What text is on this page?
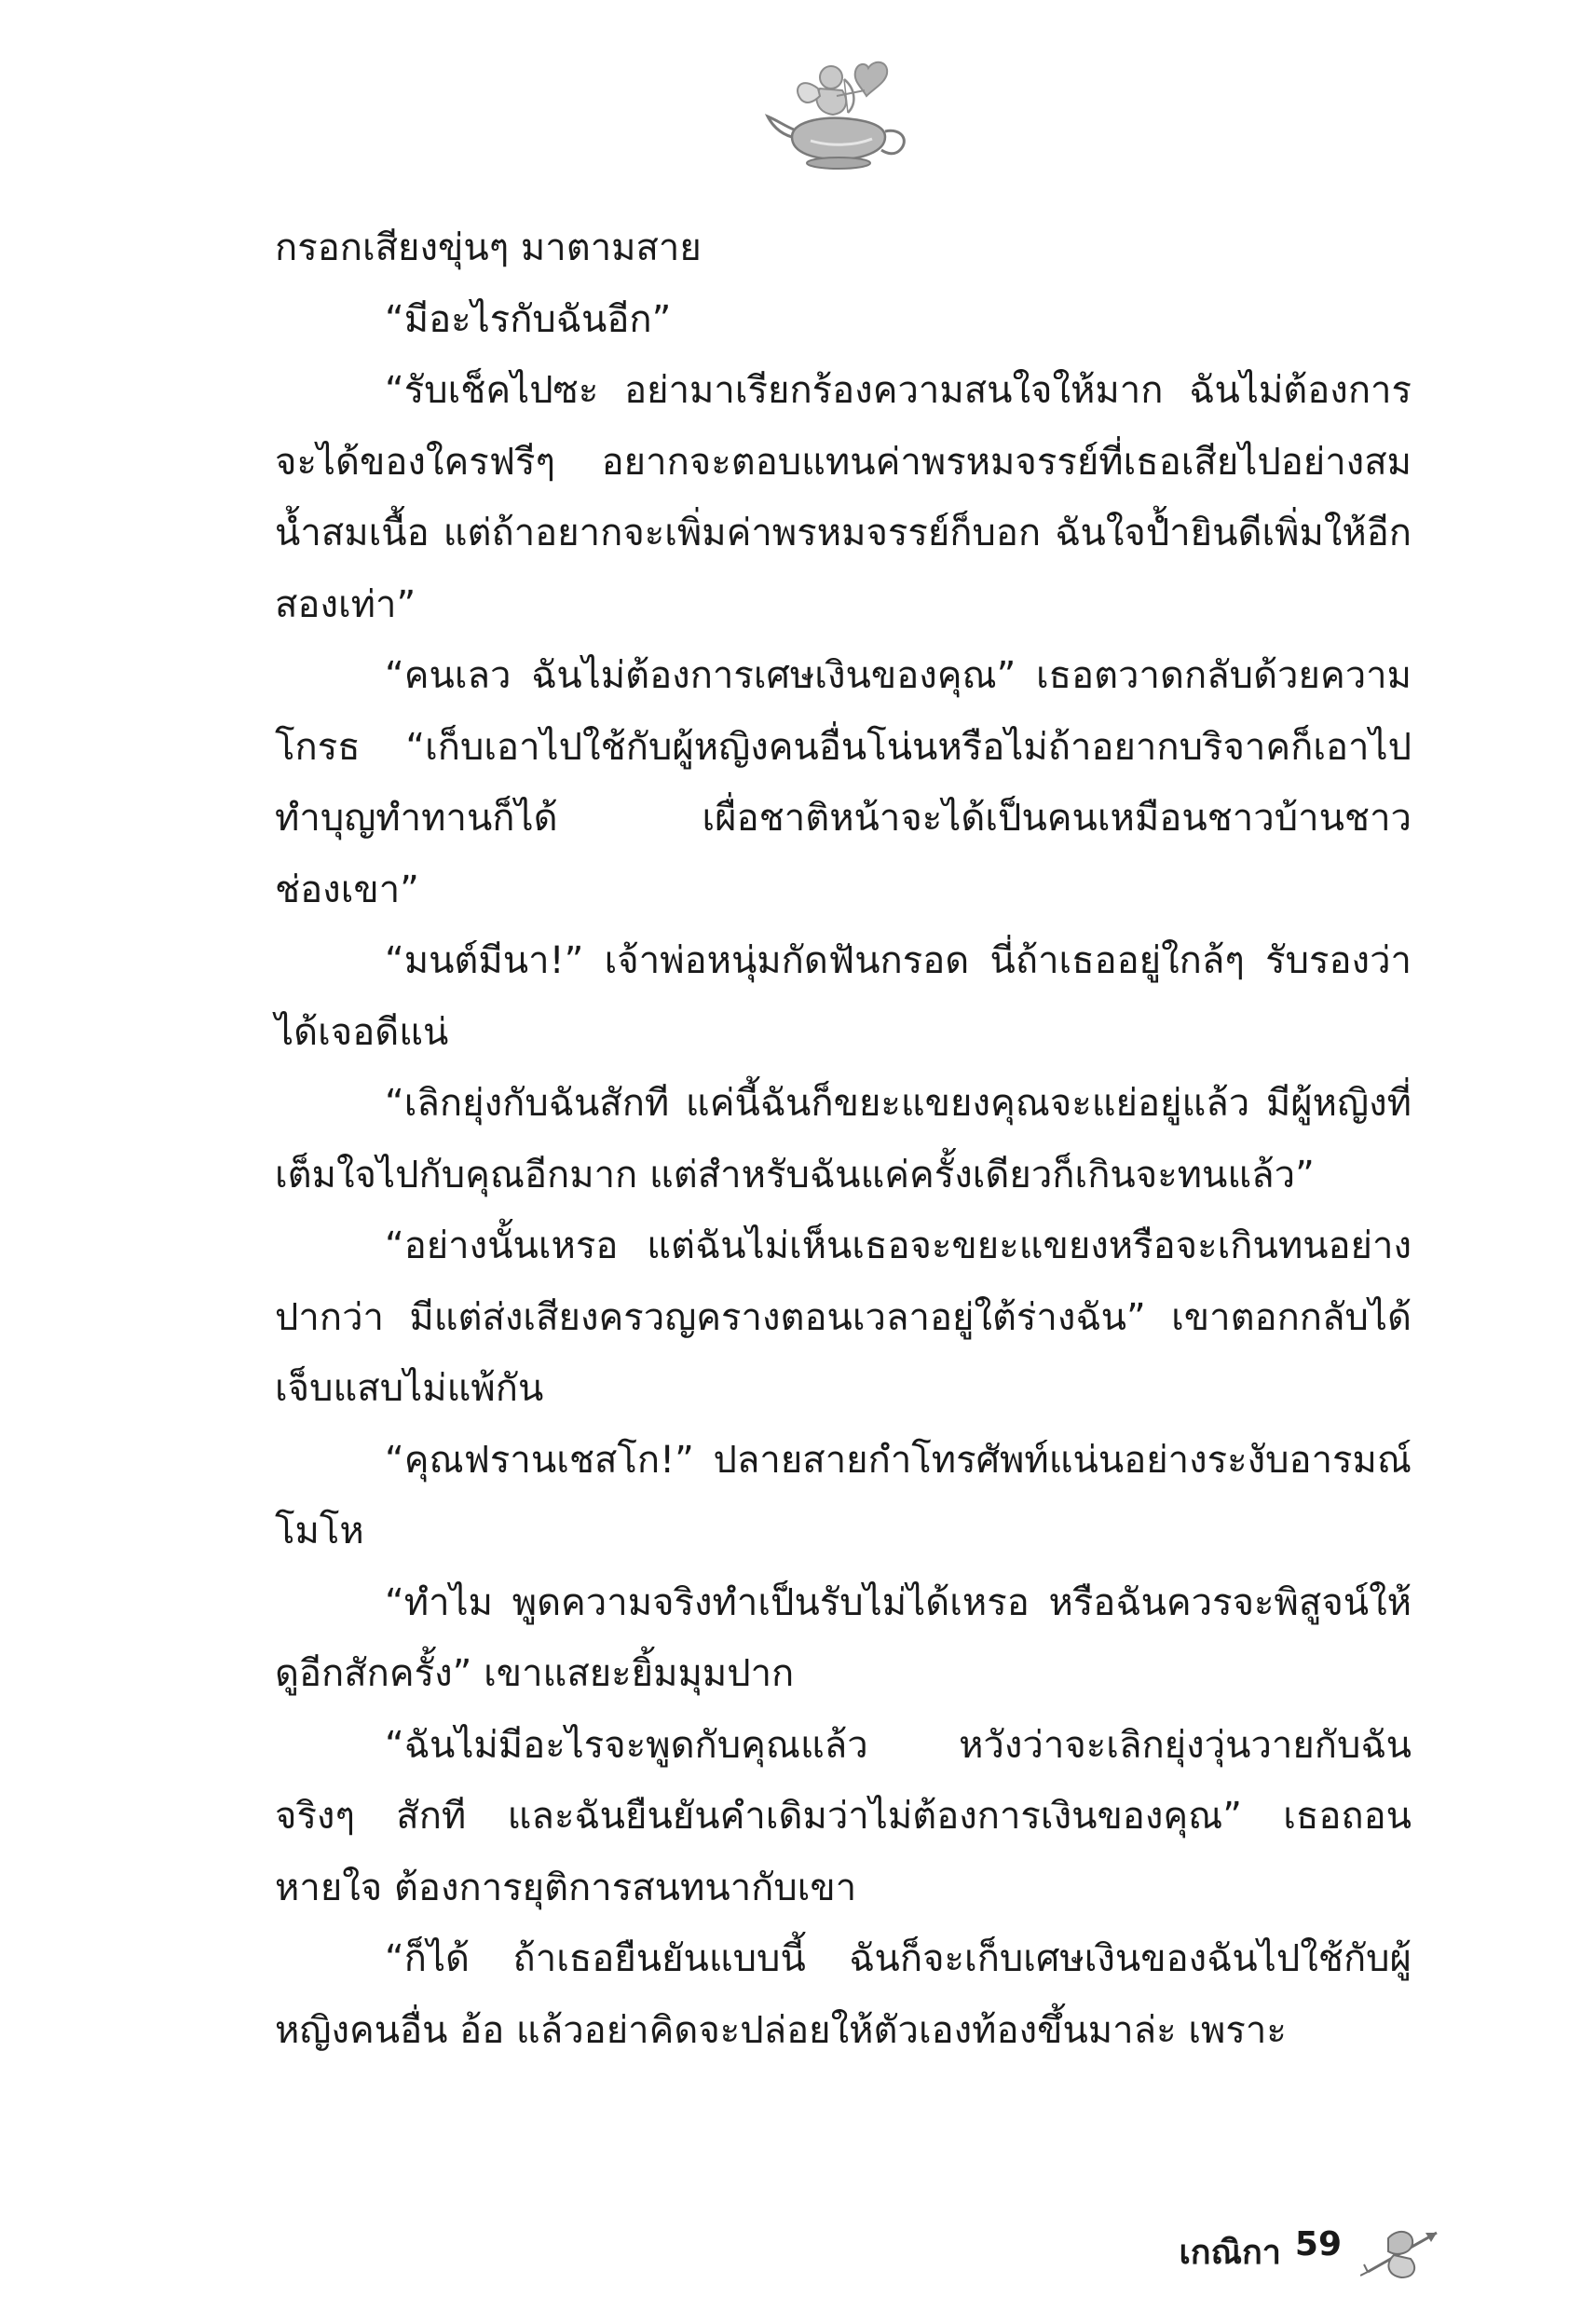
กรอกเสียงขุ่นๆ มาตามสาย

“มีอะไรกับฉันอีก”

“รับเช็คไปซะ อย่ามาเรียกร้องความสนใจให้มาก ฉันไม่ต้องการจะได้ของใครฟรีๆ อยากจะตอบแทนค่าพรหมจรรย์ที่เธอเสียไปอย่างสมน้ำสมเนื้อ แต่ถ้าอยากจะเพิ่มค่าพรหมจรรย์ก็บอก ฉันใจป้ำยินดีเพิ่มให้อีกสองเท่า”

“คนเลว ฉันไม่ต้องการเศษเงินของคุณ” เธอตวาดกลับด้วยความโกรธ “เก็บเอาไปใช้กับผู้หญิงคนอื่นโน่นหรือไม่ถ้าอยากบริจาคก็เอาไปทำบุญทำทานก็ได้ เผื่อชาติหน้าจะได้เป็นคนเหมือนชาวบ้านชาวช่องเขา”

“มนต์มีนา!” เจ้าพ่อหนุ่มกัดฟันกรอด นี่ถ้าเธออยู่ใกล้ๆ รับรองว่าได้เจอดีแน่

“เลิกยุ่งกับฉันสักที แค่นี้ฉันก็ขยะแขยงคุณจะแย่อยู่แล้ว มีผู้หญิงที่เต็มใจไปกับคุณอีกมาก แต่สำหรับฉันแค่ครั้งเดียวก็เกินจะทนแล้ว”

“อย่างนั้นเหรอ แต่ฉันไม่เห็นเธอจะขยะแขยงหรือจะเกินทนอย่างปากว่า มีแต่ส่งเสียงครวญครางตอนเวลาอยู่ใต้ร่างฉัน” เขาตอกกลับได้เจ็บแสบไม่แพ้กัน

“คุณฟรานเชสโก!” ปลายสายกำโทรศัพท์แน่นอย่างระงับอารมณ์โมโห

“ทำไม พูดความจริงทำเป็นรับไม่ได้เหรอ หรือฉันควรจะพิสูจน์ให้ดูอีกสักครั้ง” เขาแสยะยิ้มมุมปาก

“ฉันไม่มีอะไรจะพูดกับคุณแล้ว หวังว่าจะเลิกยุ่งวุ่นวายกับฉันจริงๆ สักที และฉันยืนยันคำเดิมว่าไม่ต้องการเงินของคุณ” เธอถอนหายใจ ต้องการยุติการสนทนากับเขา

“ก็ได้ ถ้าเธอยืนยันแบบนี้ ฉันก็จะเก็บเศษเงินของฉันไปใช้กับผู้หญิงคนอื่น อ้อ แล้วอย่าคิดจะปล่อยให้ตัวเองท้องขึ้นมาล่ะ เพราะ

เกณิกา 59
